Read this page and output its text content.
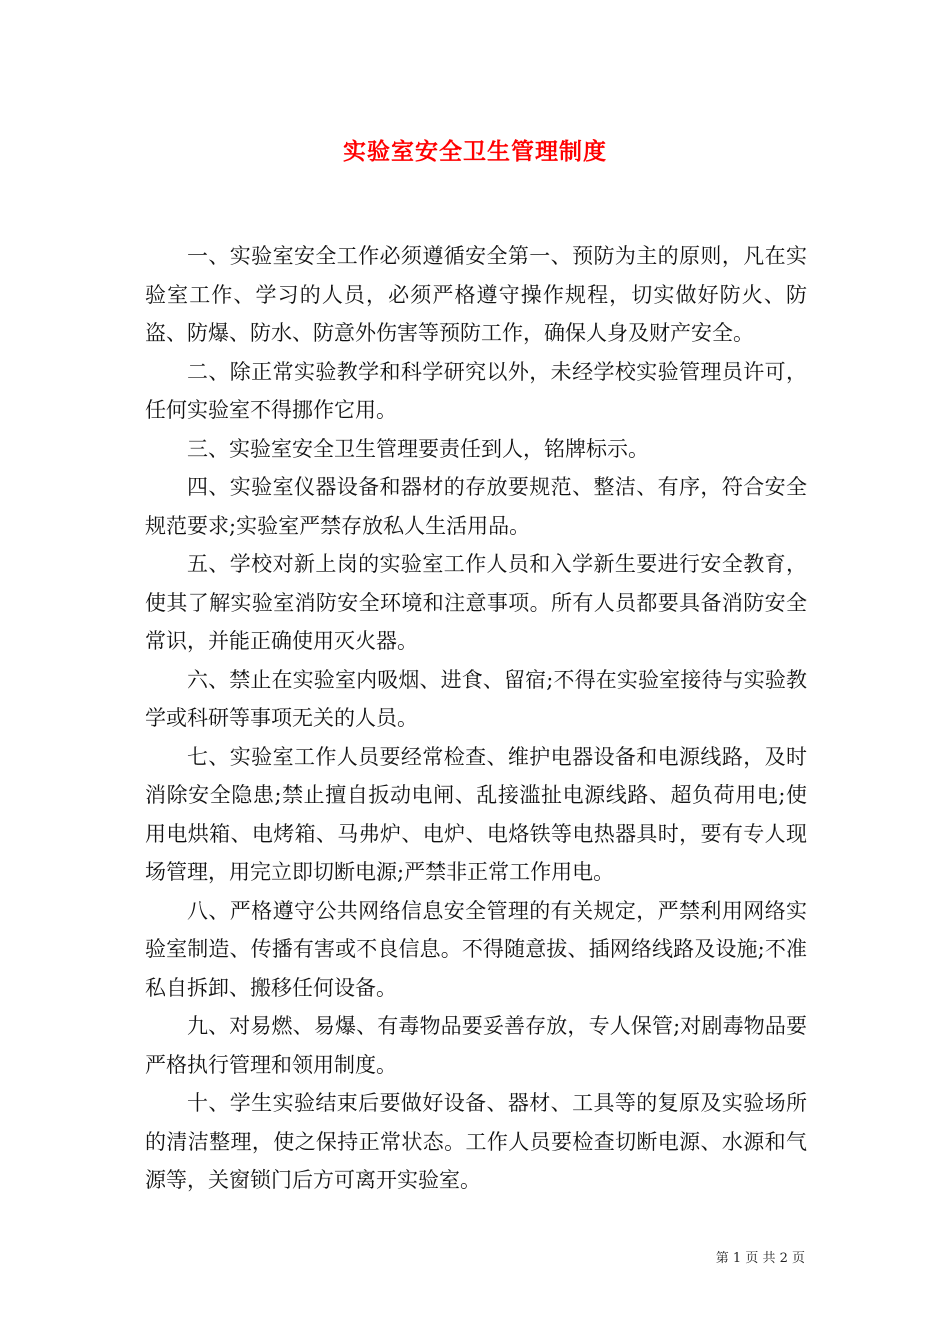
实验室安全卫生管理制度

一、实验室安全工作必须遵循安全第一、预防为主的原则，凡在实验室工作、学习的人员，必须严格遵守操作规程，切实做好防火、防盗、防爆、防水、防意外伤害等预防工作，确保人身及财产安全。

二、除正常实验教学和科学研究以外，未经学校实验管理员许可，任何实验室不得挪作它用。

三、实验室安全卫生管理要责任到人，铭牌标示。

四、实验室仪器设备和器材的存放要规范、整洁、有序，符合安全规范要求;实验室严禁存放私人生活用品。

五、学校对新上岗的实验室工作人员和入学新生要进行安全教育，使其了解实验室消防安全环境和注意事项。所有人员都要具备消防安全常识，并能正确使用灭火器。

六、禁止在实验室内吸烟、进食、留宿;不得在实验室接待与实验教学或科研等事项无关的人员。

七、实验室工作人员要经常检查、维护电器设备和电源线路，及时消除安全隐患;禁止擅自扳动电闸、乱接滥扯电源线路、超负荷用电;使用电烘箱、电烤箱、马弗炉、电炉、电烙铁等电热器具时，要有专人现场管理，用完立即切断电源;严禁非正常工作用电。

八、严格遵守公共网络信息安全管理的有关规定，严禁利用网络实验室制造、传播有害或不良信息。不得随意拔、插网络线路及设施;不准私自拆卸、搬移任何设备。

九、对易燃、易爆、有毒物品要妥善存放，专人保管;对剧毒物品要严格执行管理和领用制度。

十、学生实验结束后要做好设备、器材、工具等的复原及实验场所的清洁整理，使之保持正常状态。工作人员要检查切断电源、水源和气源等，关窗锁门后方可离开实验室。

第 1 页 共 2 页
